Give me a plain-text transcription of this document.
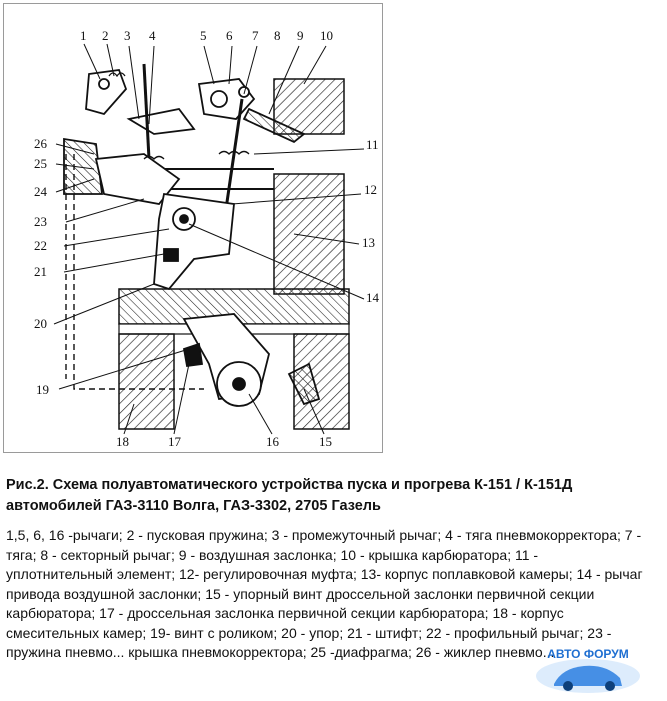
1 2 3 4	5 6 7 8 9 10
11
12
13
14
15
16
17
18
19
20
21
22
23
24
25
26

Рис.2. Схема полуавтоматического устройства пуска и прогрева К-151 / К-151Д автомобилей ГАЗ-3110 Волга, ГАЗ-3302, 2705 Газель

1,5, 6, 16 -рычаги; 2 - пусковая пружина; 3 - промежуточный рычаг; 4 - тяга пневмокорректора; 7 - тяга; 8 - секторный рычаг; 9 - воздушная заслонка; 10 - крышка карбюратора; 11 - уплотнительный элемент; 12- регулировочная муфта; 13- корпус поплавковой камеры; 14 - рычаг привода воздушной заслонки; 15 - упорный винт дроссельной заслонки первичной секции карбюратора; 17 - дроссельная заслонка первичной секции карбюратора; 18 - корпус смесительных камер; 19- винт с роликом; 20 - упор; 21 - штифт; 22 - профильный рычаг; 23 - пружина пневмо... крышка пневмокорректора; 25 -диафрагма; 26 - жиклер пневмо...

АВТО ФОРУМ
